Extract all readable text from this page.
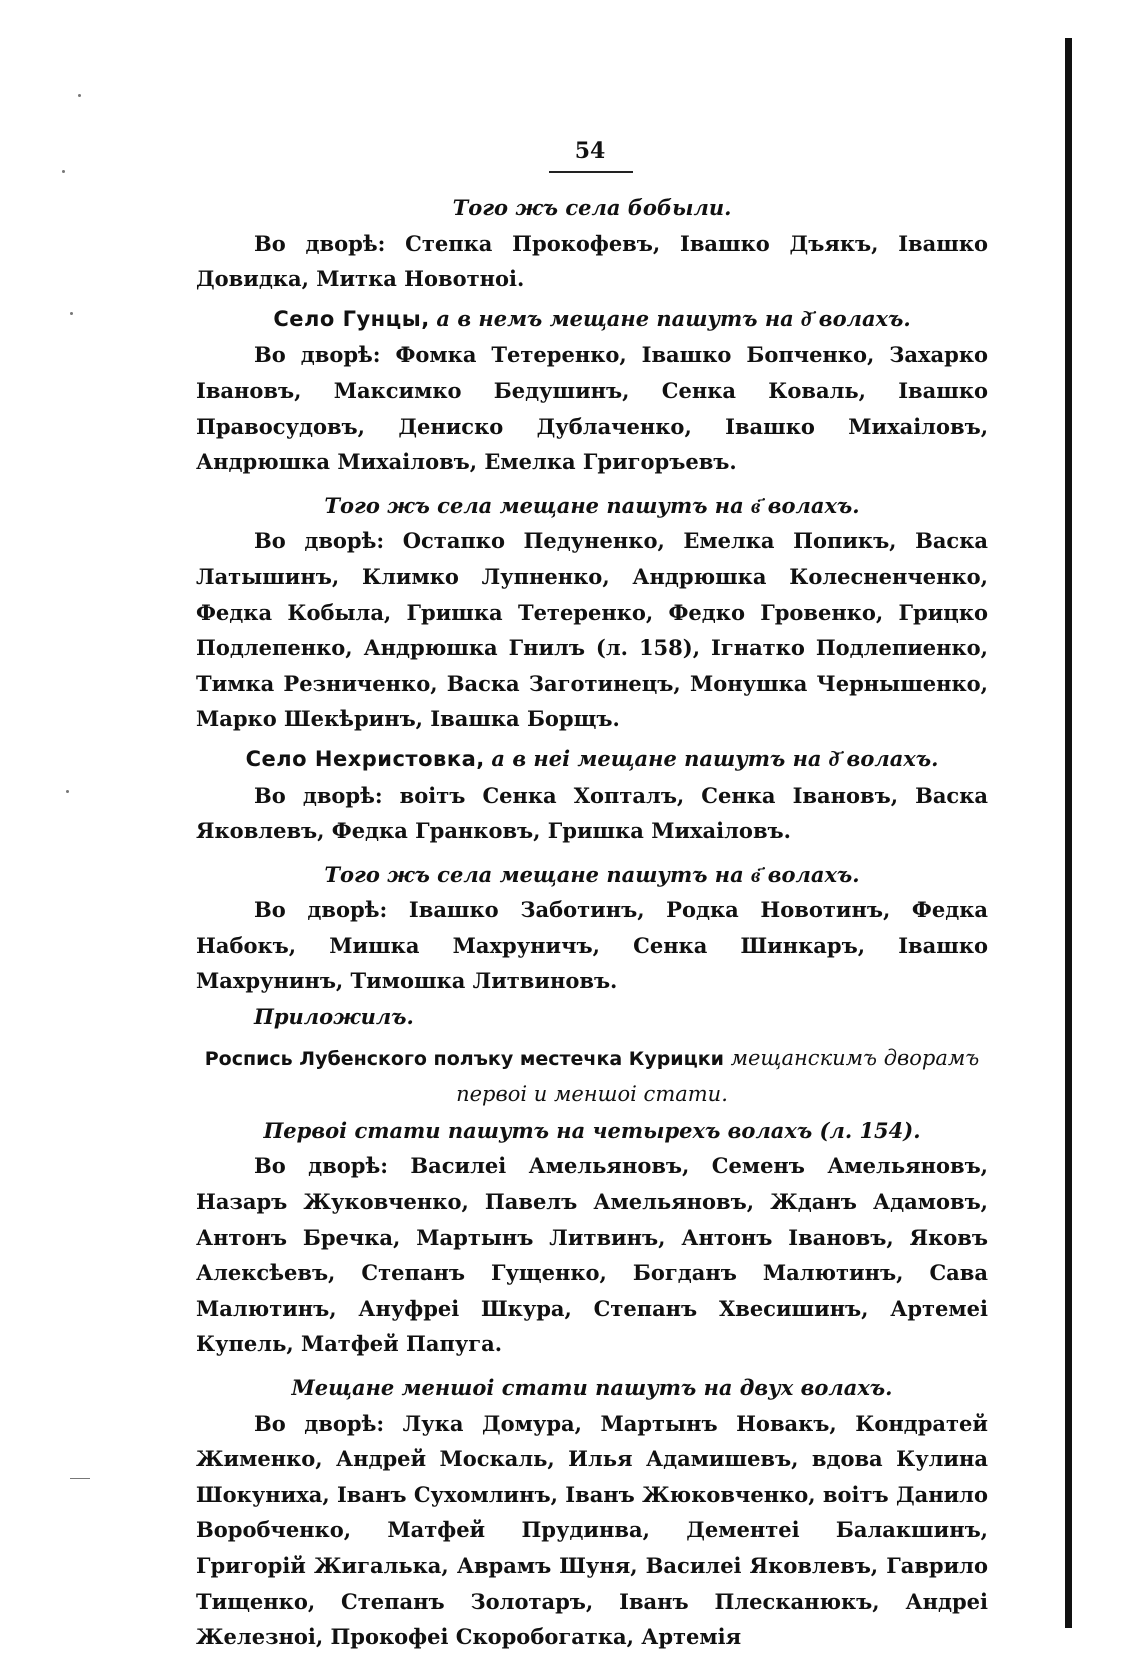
54
Того жъ села бобыли.
Во дворѣ: Степка Прокофевъ, Івашко Дъякъ, Івашко Довидка, Митка Новотноі.
Село Гунцы, а в немъ мещане пашутъ на д҃ волахъ.
Во дворѣ: Фомка Тетеренко, Івашко Бопченко, Захарко Івановъ, Максимко Бедушинъ, Сенка Коваль, Івашко Правосудовъ, Дениско Дублаченко, Івашко Михаіловъ, Андрюшка Михаіловъ, Емелка Григоръевъ.
Того жъ села мещане пашутъ на в҃ волахъ.
Во дворѣ: Остапко Педуненко, Емелка Попикъ, Васка Латышинъ, Климко Лупненко, Андрюшка Колесненченко, Федка Кобыла, Гришка Тетеренко, Федко Гровенко, Грицко Подлепенко, Андрюшка Гнилъ (л. 158), Ігнатко Подлепиенко, Тимка Резниченко, Васка Заготинецъ, Монушка Чернышенко, Марко Шекѣринъ, Івашка Борщъ.
Село Нехристовка, а в неі мещане пашутъ на д҃ волахъ.
Во дворѣ: воітъ Сенка Хопталъ, Сенка Івановъ, Васка Яковлевъ, Федка Гранковъ, Гришка Михаіловъ.
Того жъ села мещане пашутъ на в҃ волахъ.
Во дворѣ: Івашко Заботинъ, Родка Новотинъ, Федка Набокъ, Мишка Махруничъ, Сенка Шинкаръ, Івашко Махрунинъ, Тимошка Литвиновъ.
Приложилъ.
Роспись Лубенского полъку местечка Курицки мещанскимъ дворамъ первоі и меншоі стати.
Первоі стати пашутъ на четырехъ волахъ (л. 154).
Во дворѣ: Василеі Амельяновъ, Семенъ Амельяновъ, Назаръ Жуковченко, Павелъ Амельяновъ, Жданъ Адамовъ, Антонъ Бречка, Мартынъ Литвинъ, Антонъ Івановъ, Яковъ Алексѣевъ, Степанъ Гущенко, Богданъ Малютинъ, Сава Малютинъ, Ануфреі Шкура, Степанъ Хвесишинъ, Артемеі Купель, Матфей Папуга.
Мещане меншоі стати пашутъ на двух волахъ.
Во дворѣ: Лука Домура, Мартынъ Новакъ, Кондратей Жименко, Андрей Москаль, Илья Адамишевъ, вдова Кулина Шокуниха, Іванъ Сухомлинъ, Іванъ Жюковченко, воітъ Данило Воробченко, Матфей Прудинва, Дементеі Балакшинъ, Григорій Жигалька, Аврамъ Шуня, Василеі Яковлевъ, Гаврило Тищенко, Степанъ Золотаръ, Іванъ Плесканюкъ, Андреі Железноі, Прокофеі Скоробогатка, Артемія
